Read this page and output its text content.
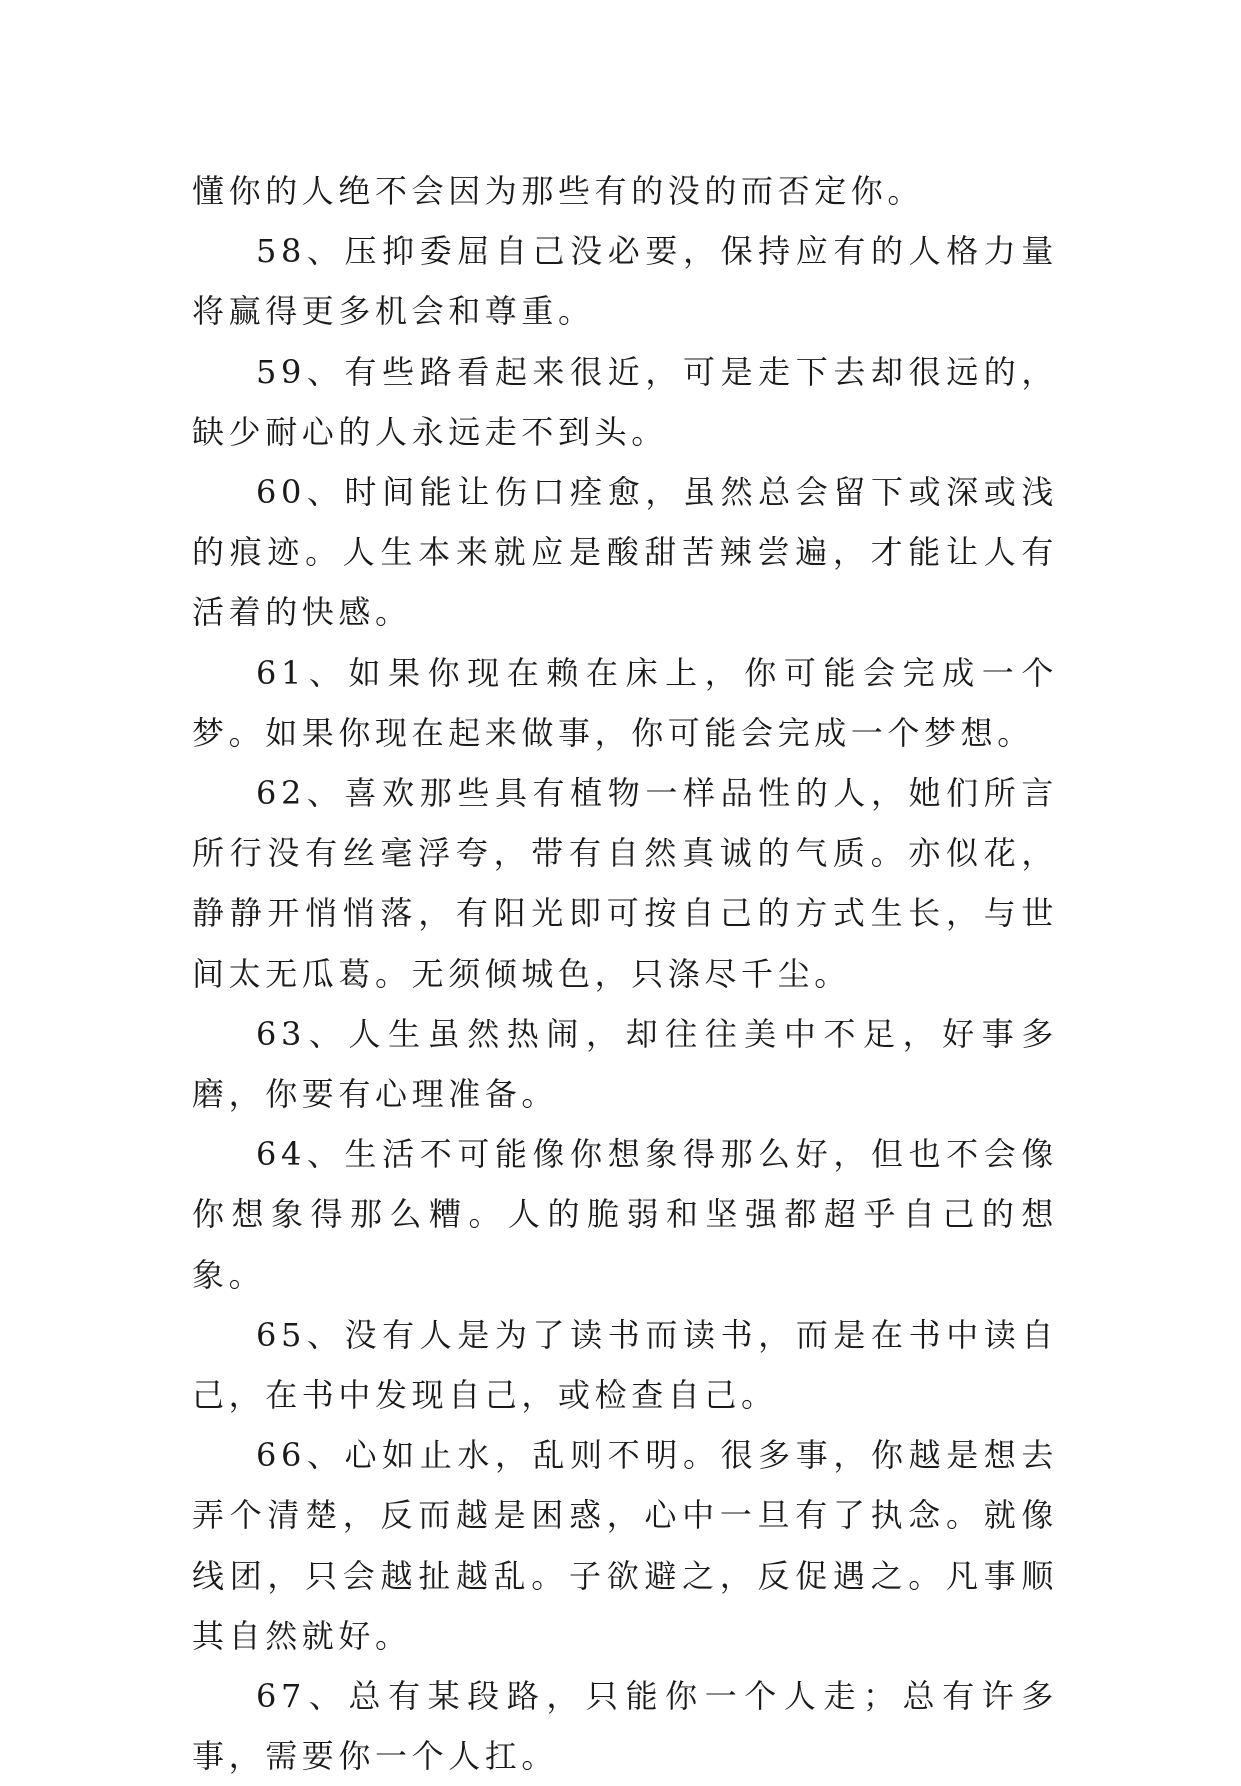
懂你的人绝不会因为那些有的没的而否定你。

58、压抑委屈自己没必要，保持应有的人格力量将赢得更多机会和尊重。

59、有些路看起来很近，可是走下去却很远的，缺少耐心的人永远走不到头。

60、时间能让伤口痊愈，虽然总会留下或深或浅的痕迹。人生本来就应是酸甜苦辣尝遍，才能让人有活着的快感。

61、如果你现在赖在床上，你可能会完成一个梦。如果你现在起来做事，你可能会完成一个梦想。

62、喜欢那些具有植物一样品性的人，她们所言所行没有丝毫浮夸，带有自然真诚的气质。亦似花，静静开悄悄落，有阳光即可按自己的方式生长，与世间太无瓜葛。无须倾城色，只涤尽千尘。

63、人生虽然热闹，却往往美中不足，好事多磨，你要有心理准备。

64、生活不可能像你想象得那么好，但也不会像你想象得那么糟。人的脆弱和坚强都超乎自己的想象。

65、没有人是为了读书而读书，而是在书中读自己，在书中发现自己，或检查自己。

66、心如止水，乱则不明。很多事，你越是想去弄个清楚，反而越是困惑，心中一旦有了执念。就像线团，只会越扯越乱。子欲避之，反促遇之。凡事顺其自然就好。

67、总有某段路，只能你一个人走；总有许多事，需要你一个人扛。
